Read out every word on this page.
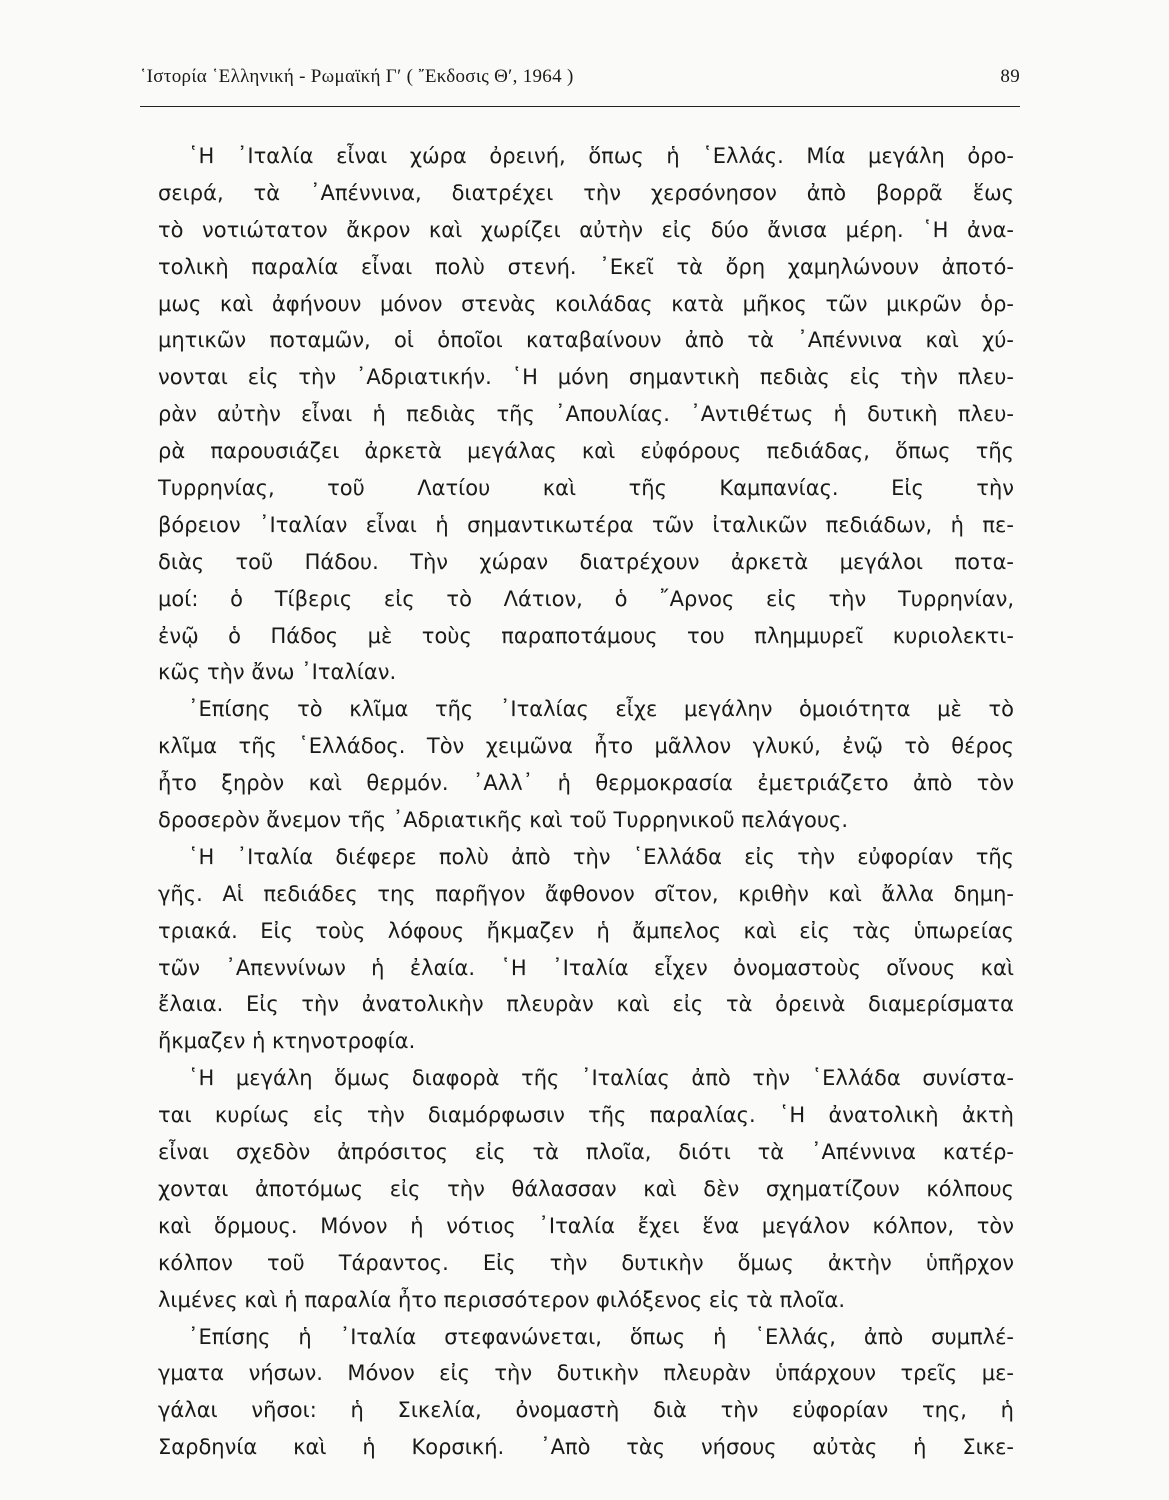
῾Ιστορία ῾Ελληνική - Ρωμαϊκή Γ′ ( ῎Εκδοσις Θ′, 1964 )	89
῾Η ᾿Ιταλία εἶναι χώρα ὀρεινή, ὅπως ἡ ῾Ελλάς. Μία μεγάλη ὀρο-
σειρά, τὰ ᾿Απέννινα, διατρέχει τὴν χερσόνησον ἀπὸ βορρᾶ ἕως
τὸ νοτιώτατον ἄκρον καὶ χωρίζει αὐτὴν εἰς δύο ἄνισα μέρη. ῾Η ἀνα-
τολικὴ παραλία εἶναι πολὺ στενή. ᾿Εκεῖ τὰ ὄρη χαμηλώνουν ἀποτό-
μως καὶ ἀφήνουν μόνον στενὰς κοιλάδας κατὰ μῆκος τῶν μικρῶν ὁρ-
μητικῶν ποταμῶν, οἱ ὁποῖοι καταβαίνουν ἀπὸ τὰ ᾿Απέννινα καὶ χύ-
νονται εἰς τὴν ᾿Αδριατικήν. ῾Η μόνη σημαντικὴ πεδιὰς εἰς τὴν πλευ-
ρὰν αὐτὴν εἶναι ἡ πεδιὰς τῆς ᾿Απουλίας. ᾿Αντιθέτως ἡ δυτικὴ πλευ-
ρὰ παρουσιάζει ἀρκετὰ μεγάλας καὶ εὐφόρους πεδιάδας, ὅπως τῆς
Τυρρηνίας, τοῦ Λατίου καὶ τῆς Καμπανίας. Εἰς τὴν
βόρειον ᾿Ιταλίαν εἶναι ἡ σημαντικωτέρα τῶν ἰταλικῶν πεδιάδων, ἡ πε-
διὰς τοῦ Πάδου. Τὴν χώραν διατρέχουν ἀρκετὰ μεγάλοι ποτα-
μοί: ὁ Τίβερις εἰς τὸ Λάτιον, ὁ ῎Αρνος εἰς τὴν Τυρρηνίαν,
ἐνῷ ὁ Πάδος μὲ τοὺς παραποτάμους του πλημμυρεῖ κυριολεκτι-
κῶς τὴν ἄνω ᾿Ιταλίαν.
᾿Επίσης τὸ κλῖμα τῆς ᾿Ιταλίας εἶχε μεγάλην ὁμοιότητα μὲ τὸ
κλῖμα τῆς ῾Ελλάδος. Τὸν χειμῶνα ἦτο μᾶλλον γλυκύ, ἐνῷ τὸ θέρος
ἦτο ξηρὸν καὶ θερμόν. ᾿Αλλ᾿ ἡ θερμοκρασία ἐμετριάζετο ἀπὸ τὸν
δροσερὸν ἄνεμον τῆς ᾿Αδριατικῆς καὶ τοῦ Τυρρηνικοῦ πελάγους.
῾Η ᾿Ιταλία διέφερε πολὺ ἀπὸ τὴν ῾Ελλάδα εἰς τὴν εὐφορίαν τῆς
γῆς. Αἱ πεδιάδες της παρῆγον ἄφθονον σῖτον, κριθὴν καὶ ἄλλα δημη-
τριακά. Εἰς τοὺς λόφους ἤκμαζεν ἡ ἄμπελος καὶ εἰς τὰς ὑπωρείας
τῶν ᾿Απεννίνων ἡ ἐλαία. ῾Η ᾿Ιταλία εἶχεν ὀνομαστοὺς οἴνους καὶ
ἔλαια. Εἰς τὴν ἀνατολικὴν πλευρὰν καὶ εἰς τὰ ὀρεινὰ διαμερίσματα
ἤκμαζεν ἡ κτηνοτροφία.
῾Η μεγάλη ὅμως διαφορὰ τῆς ᾿Ιταλίας ἀπὸ τὴν ῾Ελλάδα συνίστα-
ται κυρίως εἰς τὴν διαμόρφωσιν τῆς παραλίας. ῾Η ἀνατολικὴ ἀκτὴ
εἶναι σχεδὸν ἀπρόσιτος εἰς τὰ πλοῖα, διότι τὰ ᾿Απέννινα κατέρ-
χονται ἀποτόμως εἰς τὴν θάλασσαν καὶ δὲν σχηματίζουν κόλπους
καὶ ὅρμους. Μόνον ἡ νότιος ᾿Ιταλία ἔχει ἕνα μεγάλον κόλπον, τὸν
κόλπον τοῦ Τάραντος. Εἰς τὴν δυτικὴν ὅμως ἀκτὴν ὑπῆρχον
λιμένες καὶ ἡ παραλία ἦτο περισσότερον φιλόξενος εἰς τὰ πλοῖα.
᾿Επίσης ἡ ᾿Ιταλία στεφανώνεται, ὅπως ἡ ῾Ελλάς, ἀπὸ συμπλέ-
γματα νήσων. Μόνον εἰς τὴν δυτικὴν πλευρὰν ὑπάρχουν τρεῖς με-
γάλαι νῆσοι: ἡ Σικελία, ὀνομαστὴ διὰ τὴν εὐφορίαν της, ἡ
Σαρδηνία καὶ ἡ Κορσική. ᾿Απὸ τὰς νήσους αὐτὰς ἡ Σικε-
